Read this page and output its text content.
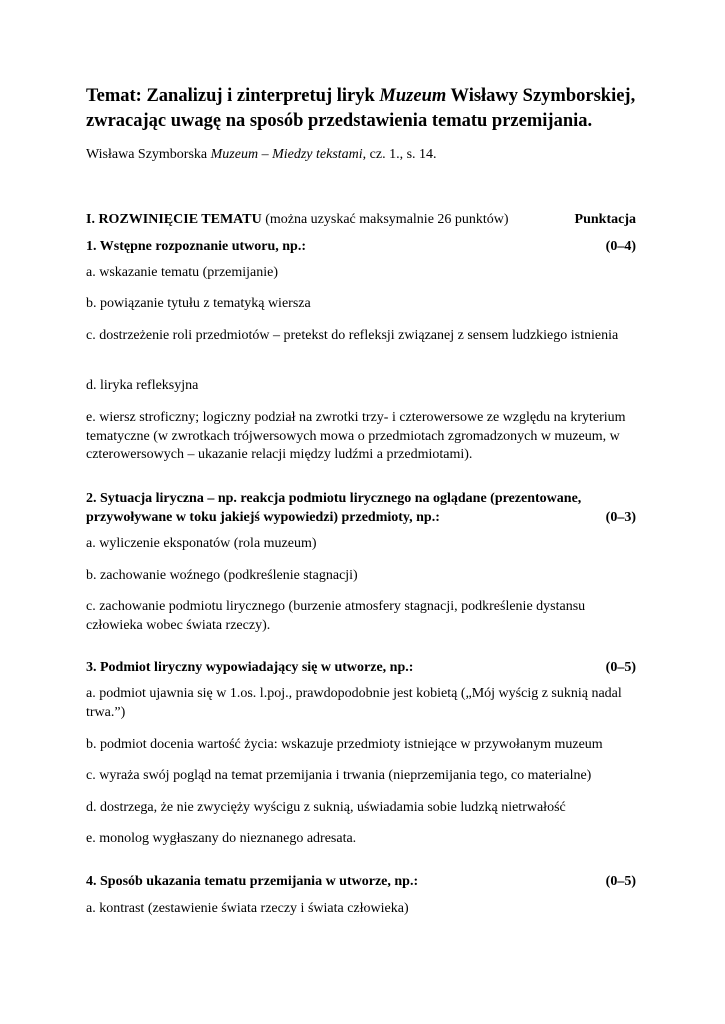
Temat: Zanalizuj i zinterpretuj liryk Muzeum Wisławy Szymborskiej, zwracając uwagę na sposób przedstawienia tematu przemijania.
Wisława Szymborska Muzeum – Miedzy tekstami, cz. 1., s. 14.
I. ROZWINIĘCIE TEMATU (można uzyskać maksymalnie 26 punktów)	Punktacja
1. Wstępne rozpoznanie utworu, np.:	(0–4)
a. wskazanie tematu (przemijanie)
b. powiązanie tytułu z tematyką wiersza
c. dostrzeżenie roli przedmiotów – pretekst do refleksji związanej z sensem ludzkiego istnienia
d. liryka refleksyjna
e. wiersz stroficzny; logiczny podział na zwrotki trzy- i czterowersowe ze względu na kryterium tematyczne (w zwrotkach trójwersowych mowa o przedmiotach zgromadzonych w muzeum, w czterowersowych – ukazanie relacji między ludźmi a przedmiotami).
2. Sytuacja liryczna – np. reakcja podmiotu lirycznego na oglądane (prezentowane,
przywoływane w toku jakiejś wypowiedzi) przedmioty, np.:	(0–3)
a. wyliczenie eksponatów (rola muzeum)
b. zachowanie woźnego (podkreślenie stagnacji)
c. zachowanie podmiotu lirycznego (burzenie atmosfery stagnacji, podkreślenie dystansu człowieka wobec świata rzeczy).
3. Podmiot liryczny wypowiadający się w utworze, np.:	(0–5)
a. podmiot ujawnia się w 1.os. l.poj., prawdopodobnie jest kobietą („Mój wyścig z suknią nadal trwa.”)
b. podmiot docenia wartość życia: wskazuje przedmioty istniejące w przywołanym muzeum
c. wyraża swój pogląd na temat przemijania i trwania (nieprzemijania tego, co materialne)
d. dostrzega, że nie zwycięży wyścigu z suknią, uświadamia sobie ludzką nietrwałość
e. monolog wygłaszany do nieznanego adresata.
4. Sposób ukazania tematu przemijania w utworze, np.:	(0–5)
a. kontrast (zestawienie świata rzeczy i świata człowieka)
